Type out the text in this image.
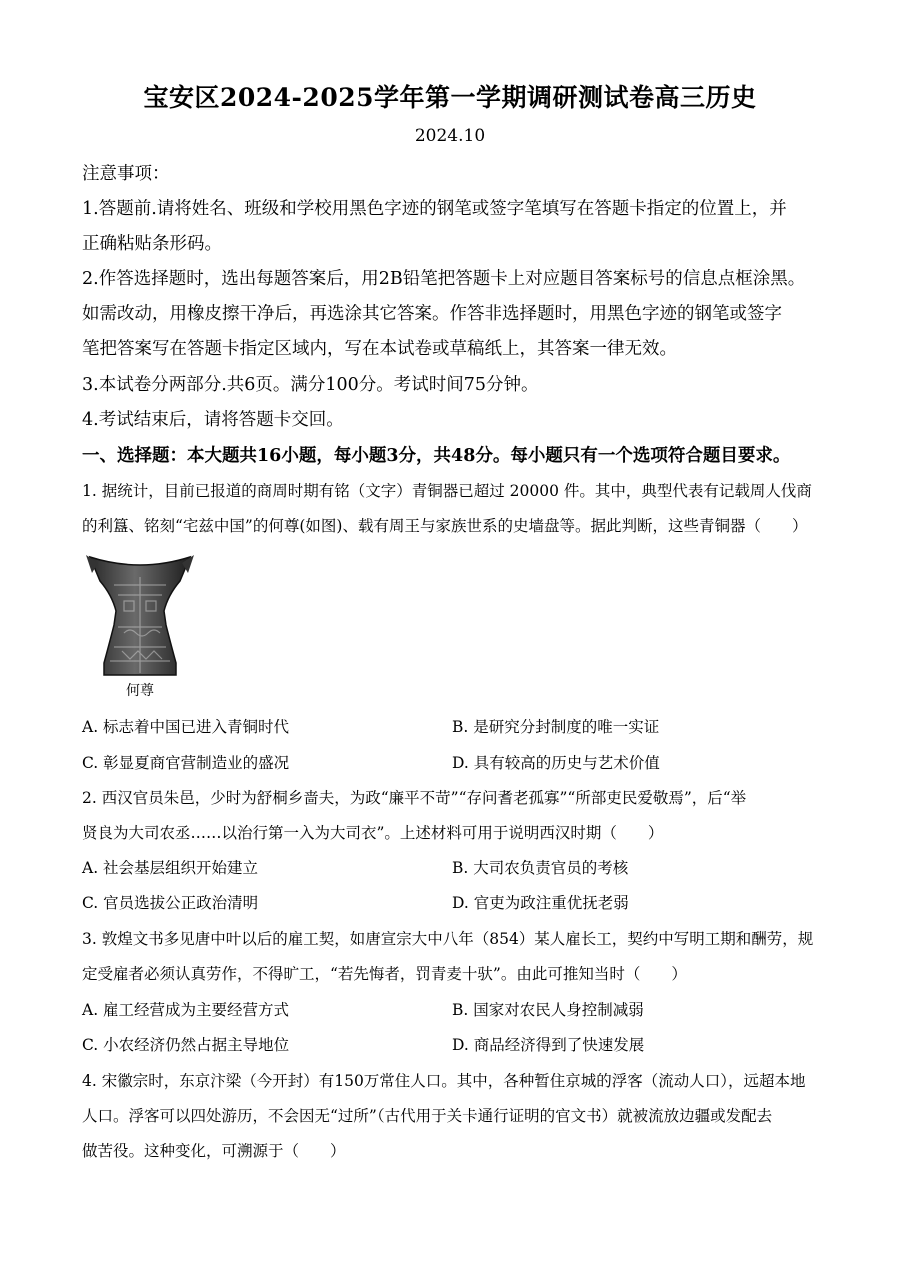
宝安区2024-2025学年第一学期调研测试卷高三历史
2024.10
注意事项：
1.答题前.请将姓名、班级和学校用黑色字迹的钢笔或签字笔填写在答题卡指定的位置上，并
正确粘贴条形码。
2.作答选择题时，选出每题答案后，用2B铅笔把答题卡上对应题目答案标号的信息点框涂黑。
如需改动，用橡皮擦干净后，再选涂其它答案。作答非选择题时，用黑色字迹的钢笔或签字
笔把答案写在答题卡指定区域内，写在本试卷或草稿纸上，其答案一律无效。
3.本试卷分两部分.共6页。满分100分。考试时间75分钟。
4.考试结束后，请将答题卡交回。
一、选择题：本大题共16小题，每小题3分，共48分。每小题只有一个选项符合题目要求。
1. 据统计，目前已报道的商周时期有铭（文字）青铜器已超过 20000 件。其中，典型代表有记载周人伐商
的利簋、铭刻“宅兹中国”的何尊(如图)、载有周王与家族世系的史墙盘等。据此判断，这些青铜器（　　）
何尊
A. 标志着中国已进入青铜时代	B. 是研究分封制度的唯一实证
C. 彰显夏商官营制造业的盛况	D. 具有较高的历史与艺术价值
2. 西汉官员朱邑，少时为舒桐乡啬夫，为政“廉平不苛”“存问耆老孤寡”“所部吏民爱敬焉”，后“举
贤良为大司农丞……以治行第一入为大司衣”。上述材料可用于说明西汉时期（　　）
A. 社会基层组织开始建立	B. 大司农负责官员的考核
C. 官员选拔公正政治清明	D. 官吏为政注重优抚老弱
3. 敦煌文书多见唐中叶以后的雇工契，如唐宣宗大中八年（854）某人雇长工，契约中写明工期和酬劳，规
定受雇者必须认真劳作，不得旷工，“若先悔者，罚青麦十驮”。由此可推知当时（　　）
A. 雇工经营成为主要经营方式	B. 国家对农民人身控制减弱
C. 小农经济仍然占据主导地位	D. 商品经济得到了快速发展
4. 宋徽宗时，东京汴梁（今开封）有150万常住人口。其中，各种暂住京城的浮客（流动人口），远超本地
人口。浮客可以四处游历，不会因无“过所”（古代用于关卡通行证明的官文书）就被流放边疆或发配去
做苦役。这种变化，可溯源于（　　）
